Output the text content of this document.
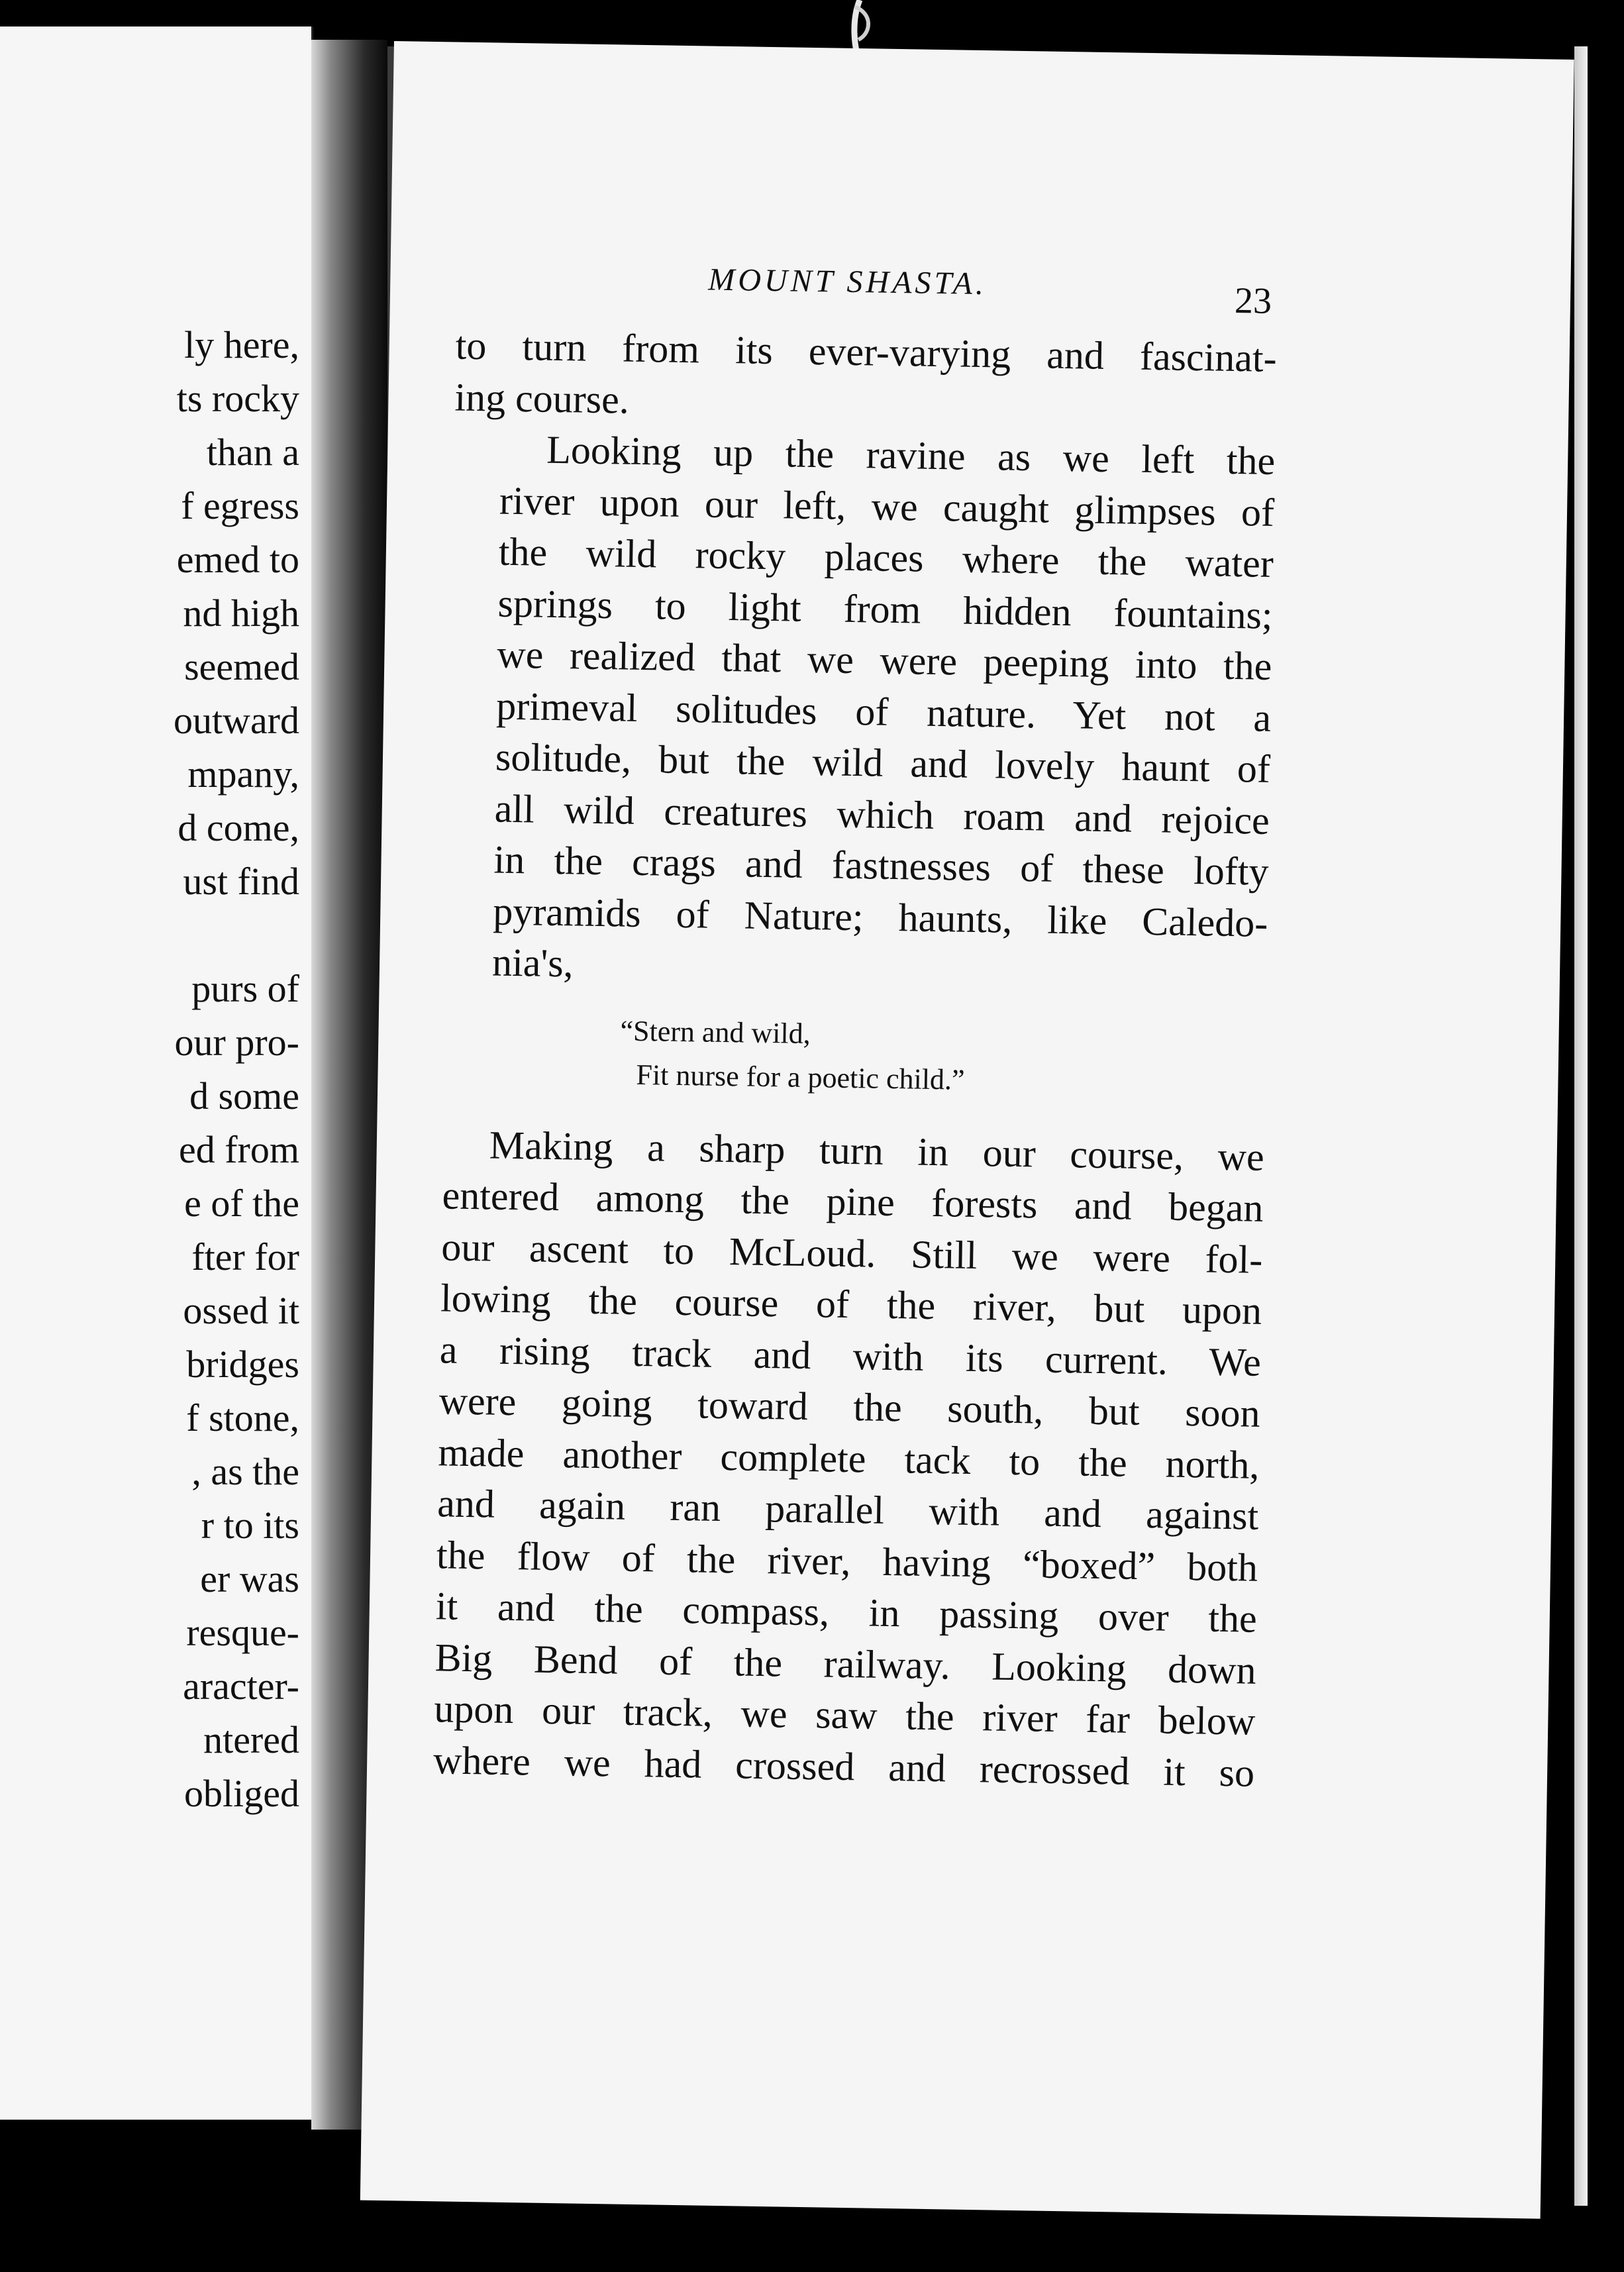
ly here,
ts rocky
than a
f egress
emed to
nd high
seemed
outward
mpany,
d come,
ust find
purs of
our pro-
d some
ed from
e of the
fter for
ossed it
bridges
f stone,
, as the
r to its
er was
resque-
aracter-
ntered
obliged
MOUNT SHASTA.	23

to turn from its ever-varying and fascinat-
ing course.

Looking up the ravine as we left the
river upon our left, we caught glimpses of
the wild rocky places where the water
springs to light from hidden fountains;
we realized that we were peeping into the
primeval solitudes of nature. Yet not a
solitude, but the wild and lovely haunt of
all wild creatures which roam and rejoice
in the crags and fastnesses of these lofty
pyramids of Nature; haunts, like Caledo-
nia's,

“Stern and wild,
Fit nurse for a poetic child.”

Making a sharp turn in our course, we
entered among the pine forests and began
our ascent to McLoud. Still we were fol-
lowing the course of the river, but upon
a rising track and with its current. We
were going toward the south, but soon
made another complete tack to the north,
and again ran parallel with and against
the flow of the river, having “boxed” both
it and the compass, in passing over the
Big Bend of the railway. Looking down
upon our track, we saw the river far below
where we had crossed and recrossed it so
